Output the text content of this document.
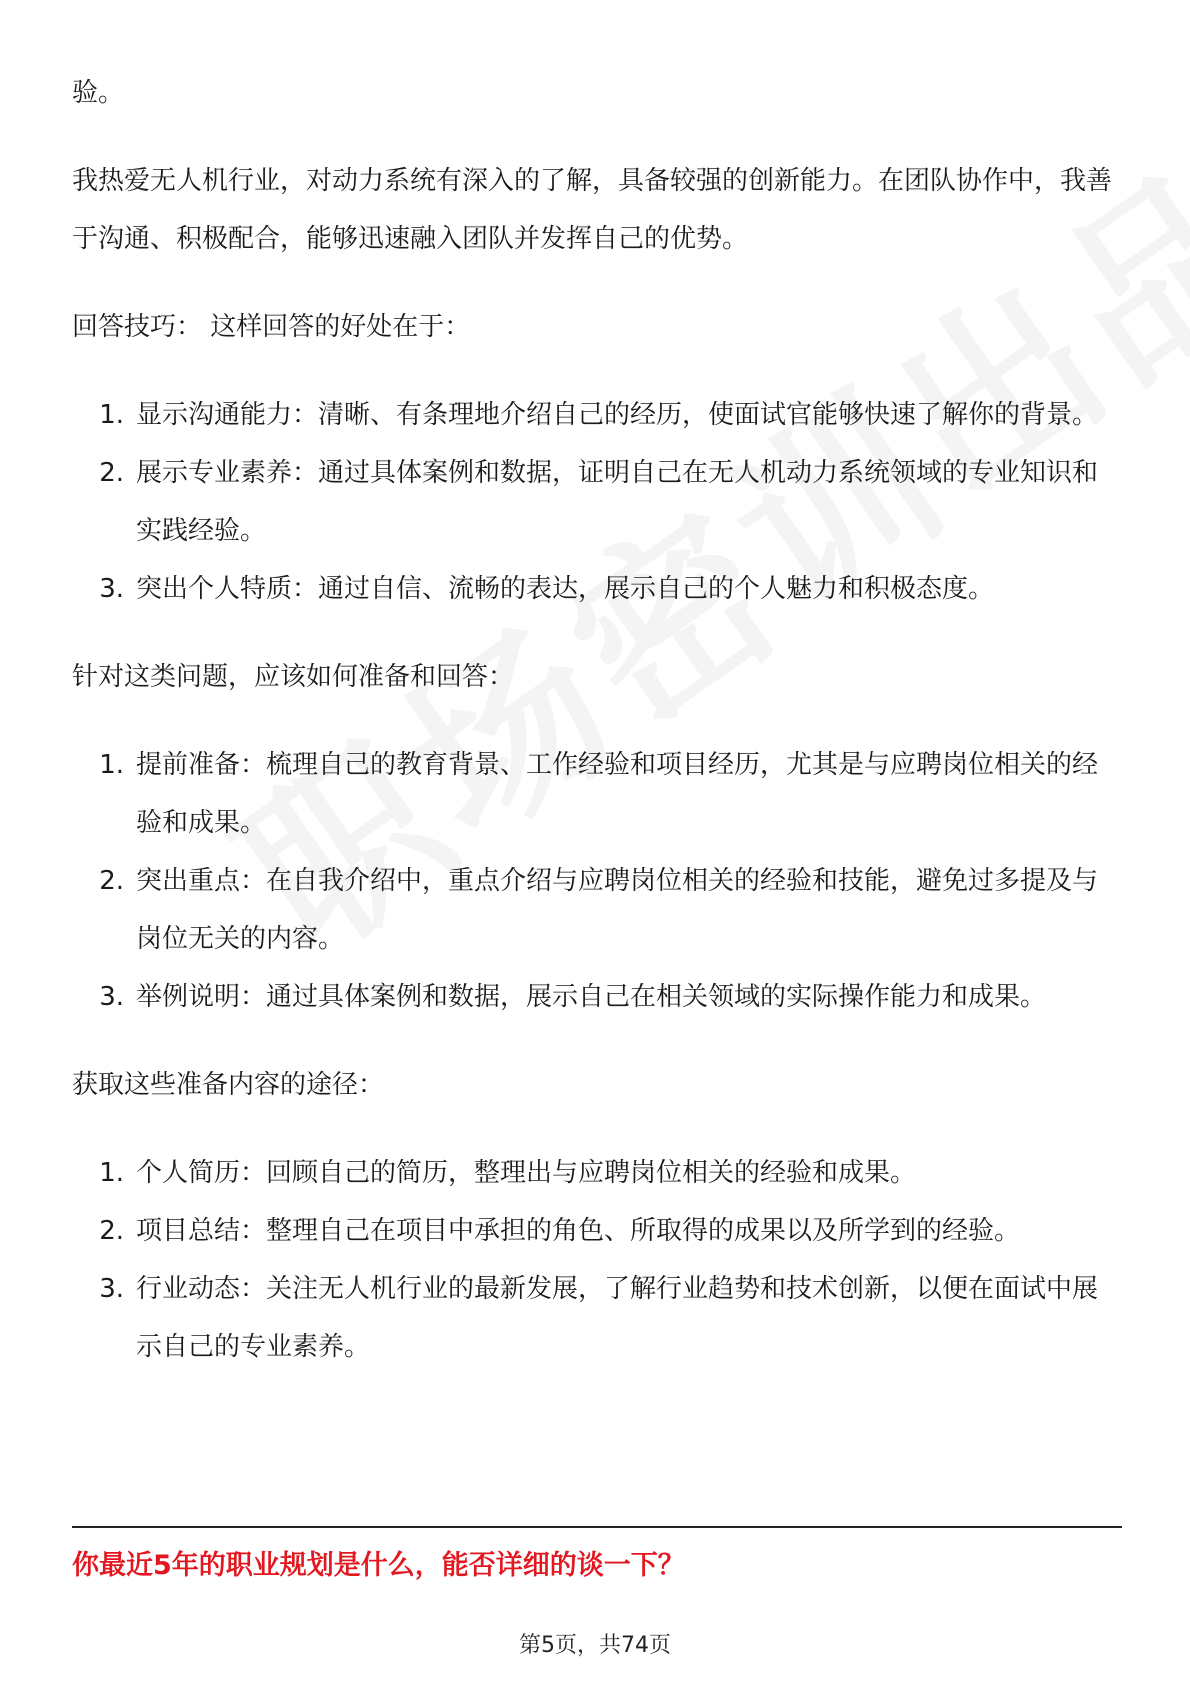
验。

我热爱无人机行业，对动力系统有深入的了解，具备较强的创新能力。在团队协作中，我善于沟通、积极配合，能够迅速融入团队并发挥自己的优势。

回答技巧： 这样回答的好处在于：

1. 显示沟通能力：清晰、有条理地介绍自己的经历，使面试官能够快速了解你的背景。
2. 展示专业素养：通过具体案例和数据，证明自己在无人机动力系统领域的专业知识和实践经验。
3. 突出个人特质：通过自信、流畅的表达，展示自己的个人魅力和积极态度。

针对这类问题，应该如何准备和回答：

1. 提前准备：梳理自己的教育背景、工作经验和项目经历，尤其是与应聘岗位相关的经验和成果。
2. 突出重点：在自我介绍中，重点介绍与应聘岗位相关的经验和技能，避免过多提及与岗位无关的内容。
3. 举例说明：通过具体案例和数据，展示自己在相关领域的实际操作能力和成果。

获取这些准备内容的途径：

1. 个人简历：回顾自己的简历，整理出与应聘岗位相关的经验和成果。
2. 项目总结：整理自己在项目中承担的角色、所取得的成果以及所学到的经验。
3. 行业动态：关注无人机行业的最新发展，了解行业趋势和技术创新，以便在面试中展示自己的专业素养。
你最近5年的职业规划是什么，能否详细的谈一下？
第5页，共74页
